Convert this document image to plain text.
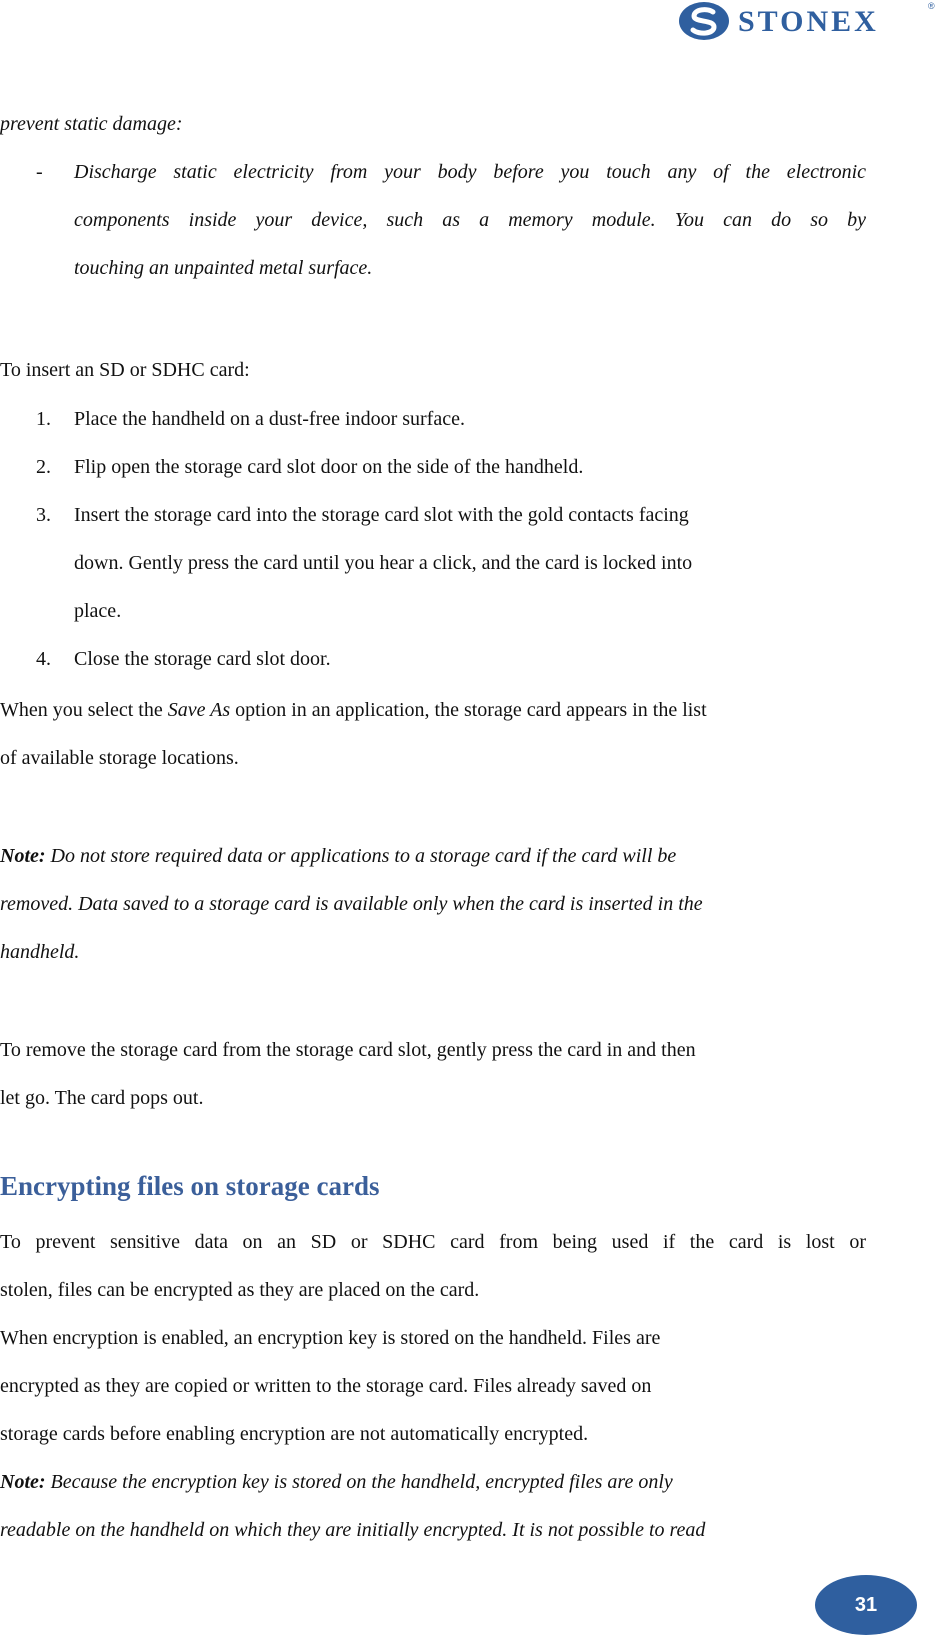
STONEX	®
prevent static damage:
-	Discharge static electricity from your body before you touch any of the electronic
components inside your device, such as a memory module. You can do so by
touching an unpainted metal surface.
To insert an SD or SDHC card:
1.	Place the handheld on a dust-free indoor surface.
2.	Flip open the storage card slot door on the side of the handheld.
3.	Insert the storage card into the storage card slot with the gold contacts facing
down. Gently press the card until you hear a click, and the card is locked into
place.
4.	Close the storage card slot door.
When you select the Save As option in an application, the storage card appears in the list
of available storage locations.
Note: Do not store required data or applications to a storage card if the card will be
removed. Data saved to a storage card is available only when the card is inserted in the
handheld.
To remove the storage card from the storage card slot, gently press the card in and then
let go. The card pops out.
Encrypting files on storage cards
To prevent sensitive data on an SD or SDHC card from being used if the card is lost or
stolen, files can be encrypted as they are placed on the card.
When encryption is enabled, an encryption key is stored on the handheld. Files are
encrypted as they are copied or written to the storage card. Files already saved on
storage cards before enabling encryption are not automatically encrypted.
Note: Because the encryption key is stored on the handheld, encrypted files are only
readable on the handheld on which they are initially encrypted. It is not possible to read
31
